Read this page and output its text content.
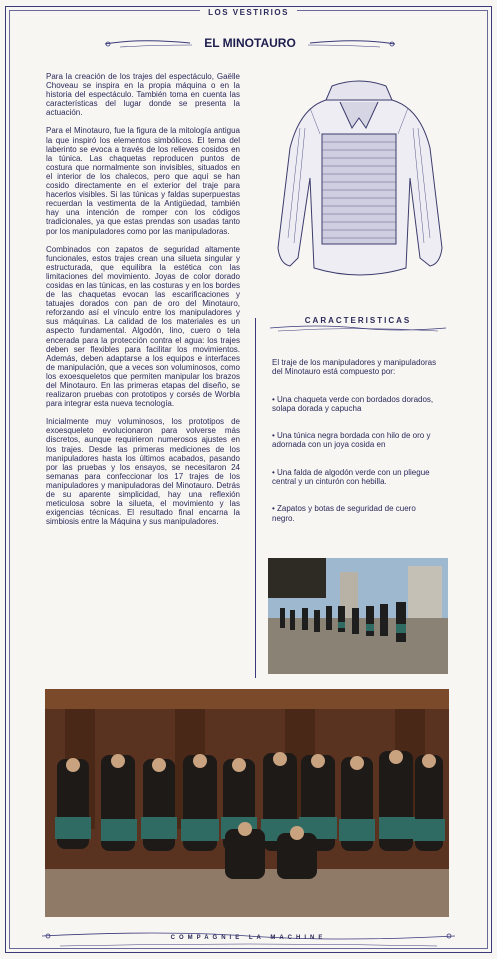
LOS VESTIRIOS
EL MINOTAURO

Para la creación de los trajes del espectáculo, Gaëlle Choveau se inspira en la propia máquina o en la historia del espectáculo. También toma en cuenta las características del lugar donde se presenta la actuación.

Para el Minotauro, fue la figura de la mitología antigua la que inspiró los elementos simbólicos. El tema del laberinto se evoca a través de los relieves cosidos en la túnica. Las chaquetas reproducen puntos de costura que normalmente son invisibles, situados en el interior de los chalecos, pero que aquí se han cosido directamente en el exterior del traje para hacerlos visibles. Si las túnicas y faldas superpuestas recuerdan la vestimenta de la Antigüedad, también hay una intención de romper con los códigos tradicionales, ya que estas prendas son usadas tanto por los manipuladores como por las manipuladoras.

Combinados con zapatos de seguridad altamente funcionales, estos trajes crean una silueta singular y estructurada, que equilibra la estética con las limitaciones del movimiento. Joyas de color dorado cosidas en las túnicas, en las costuras y en los bordes de las chaquetas evocan las escarificaciones y tatuajes dorados con pan de oro del Minotauro, reforzando así el vínculo entre los manipuladores y sus máquinas. La calidad de los materiales es un aspecto fundamental. Algodón, lino, cuero o tela encerada para la protección contra el agua: los trajes deben ser flexibles para facilitar los movimientos. Además, deben adaptarse a los equipos e interfaces de manipulación, que a veces son voluminosos, como los exoesqueletos que permiten manipular los brazos del Minotauro. En las primeras etapas del diseño, se realizaron pruebas con prototipos y corsés de Worbla para integrar esta nueva tecnología.

Inicialmente muy voluminosos, los prototipos de exoesqueleto evolucionaron para volverse más discretos, aunque requirieron numerosos ajustes en los trajes. Desde las primeras mediciones de los manipuladores hasta los últimos acabados, pasando por las pruebas y los ensayos, se necesitaron 24 semanas para confeccionar los 17 trajes de los manipuladores y manipuladoras del Minotauro. Detrás de su aparente simplicidad, hay una reflexión meticulosa sobre la silueta, el movimiento y las exigencias técnicas. El resultado final encarna la simbiosis entre la Máquina y sus manipuladores.

CARACTERISTICAS

El traje de los manipuladores y manipuladoras del Minotauro está compuesto por:

• Una chaqueta verde con bordados dorados, solapa dorada y capucha

• Una túnica negra bordada con hilo de oro y adornada con un joya cosida en

• Una falda de algodón verde con un pliegue central y un cinturón con hebilla.

• Zapatos y botas de seguridad de cuero negro.

COMPAGNIE LA MACHINE
